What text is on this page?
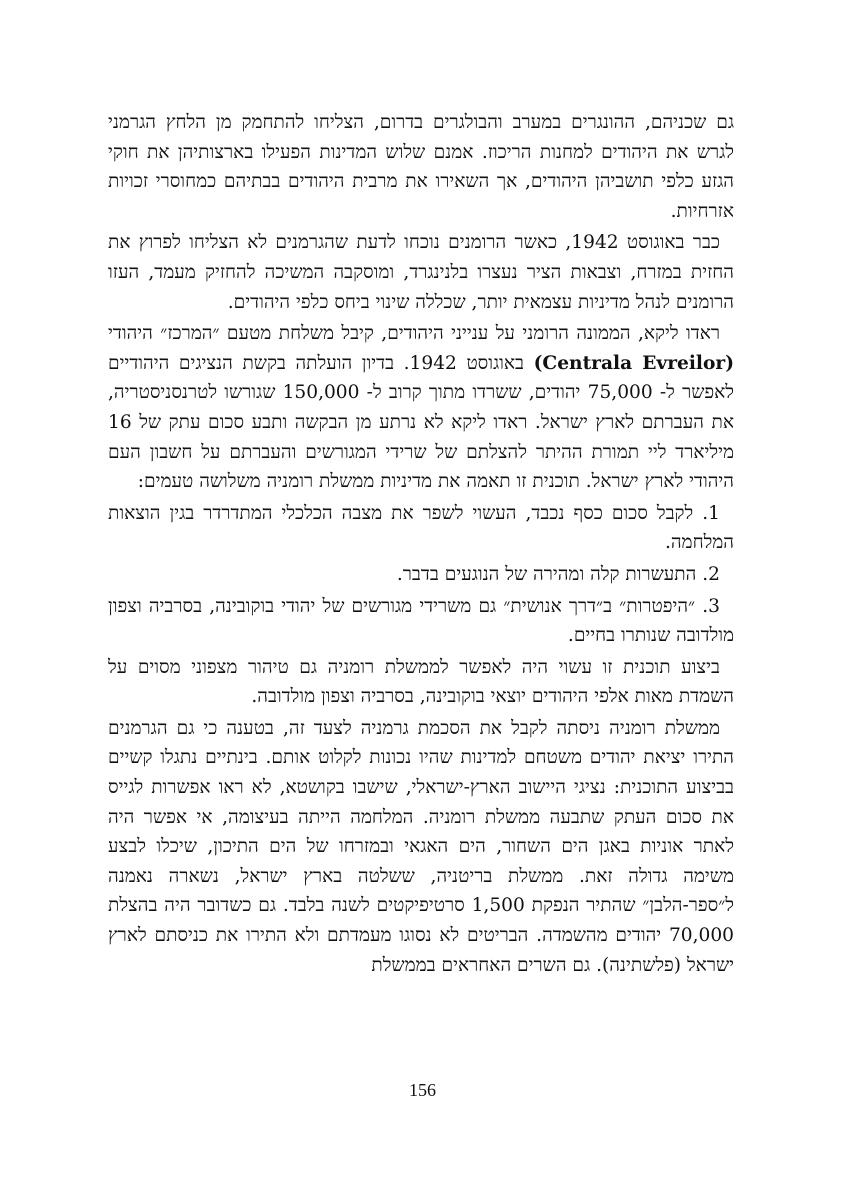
גם שכניהם, ההונגרים במערב והבולגרים בדרום, הצליחו להתחמק מן הלחץ הגרמני לגרש את היהודים למחנות הריכוז. אמנם שלוש המדינות הפעילו בארצותיהן את חוקי הגזע כלפי תושביהן היהודים, אך השאירו את מרבית היהודים בבתיהם כמחוסרי זכויות אזרחיות.

כבר באוגוסט 1942, כאשר הרומנים נוכחו לדעת שהגרמנים לא הצליחו לפרוץ את החזית במזרח, וצבאות הציר נעצרו בלנינגרד, ומוסקבה המשיכה להחזיק מעמד, העזו הרומנים לנהל מדיניות עצמאית יותר, שכללה שינוי ביחס כלפי היהודים.

ראדו ליקא, הממונה הרומני על ענייני היהודים, קיבל משלחת מטעם ״המרכז״ היהודי (Centrala Evreilor) באוגוסט 1942. בדיון הועלתה בקשת הנציגים היהודיים לאפשר ל- 75,000 יהודים, ששרדו מתוך קרוב ל- 150,000 שגורשו לטרנסניסטריה, את העברתם לארץ ישראל. ראדו ליקא לא נרתע מן הבקשה ותבע סכום עתק של 16 מיליארד ליי תמורת ההיתר להצלתם של שרידי המגורשים והעברתם על חשבון העם היהודי לארץ ישראל. תוכנית זו תאמה את מדיניות ממשלת רומניה משלושה טעמים:

1. לקבל סכום כסף נכבד, העשוי לשפר את מצבה הכלכלי המתדרדר בגין הוצאות המלחמה.

2. התעשרות קלה ומהירה של הנוגעים בדבר.

3. ״היפטרות״ ב״דרך אנושית״ גם משרידי מגורשים של יהודי בוקובינה, בסרביה וצפון מולדובה שנותרו בחיים.

ביצוע תוכנית זו עשוי היה לאפשר לממשלת רומניה גם טיהור מצפוני מסוים על השמדת מאות אלפי היהודים יוצאי בוקובינה, בסרביה וצפון מולדובה.

ממשלת רומניה ניסתה לקבל את הסכמת גרמניה לצעד זה, בטענה כי גם הגרמנים התירו יציאת יהודים משטחם למדינות שהיו נכונות לקלוט אותם. בינתיים נתגלו קשיים בביצוע התוכנית: נציגי היישוב הארץ-ישראלי, שישבו בקושטא, לא ראו אפשרות לגייס את סכום העתק שתבעה ממשלת רומניה. המלחמה הייתה בעיצומה, אי אפשר היה לאתר אוניות באגן הים השחור, הים האגאי ובמזרחו של הים התיכון, שיכלו לבצע משימה גדולה זאת. ממשלת בריטניה, ששלטה בארץ ישראל, נשארה נאמנה ל״ספר-הלבן״ שהתיר הנפקת 1,500 סרטיפיקטים לשנה בלבד. גם כשדובר היה בהצלת 70,000 יהודים מהשמדה. הבריטים לא נסוגו מעמדתם ולא התירו את כניסתם לארץ ישראל (פלשתינה). גם השרים האחראים בממשלת

156
